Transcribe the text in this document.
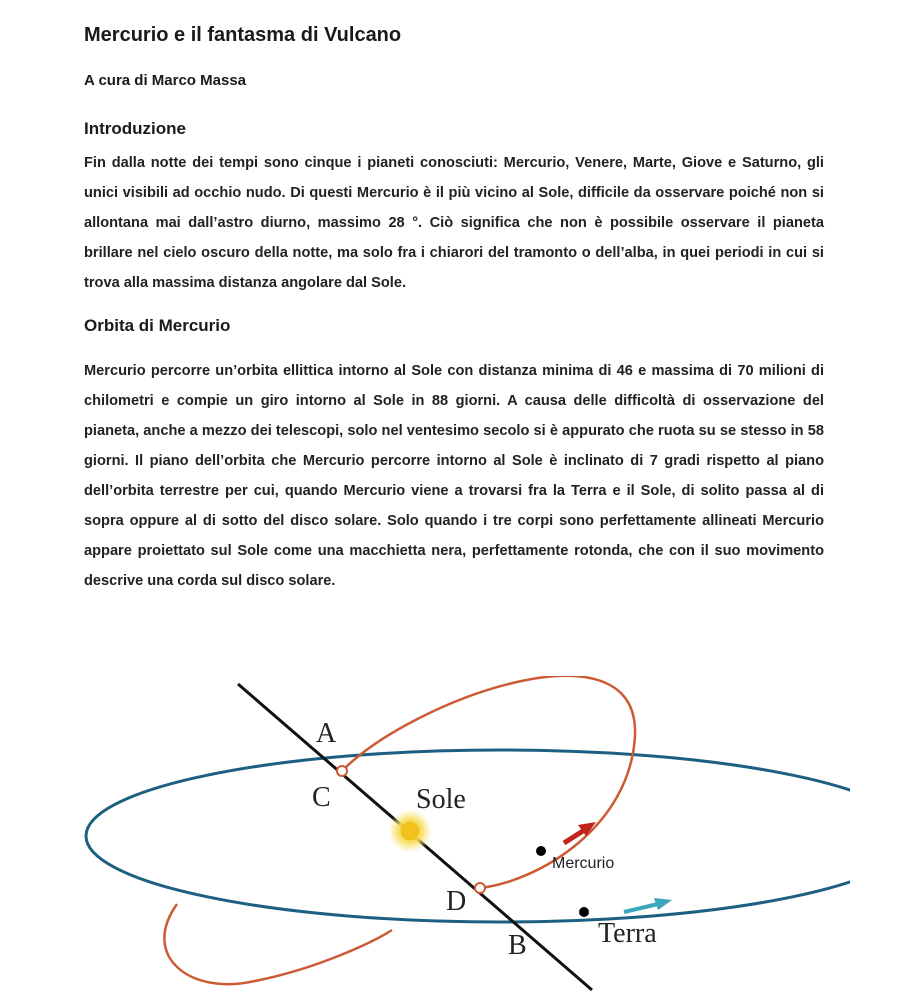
Mercurio e il fantasma di Vulcano

A cura di Marco Massa

Introduzione

Fin dalla notte dei tempi sono cinque i pianeti conosciuti: Mercurio, Venere, Marte, Giove e Saturno, gli unici visibili ad occhio nudo. Di questi Mercurio è il più vicino al Sole, difficile da osservare poiché non si allontana mai dall’astro diurno, massimo 28 °. Ciò significa che non è possibile osservare il pianeta brillare nel cielo oscuro della notte, ma solo fra i chiarori del tramonto o dell’alba, in quei periodi in cui si trova alla massima distanza angolare dal Sole.

Orbita di Mercurio

Mercurio percorre un’orbita ellittica intorno al Sole con distanza minima di 46 e massima di 70 milioni di chilometri e compie un giro intorno al Sole in 88 giorni. A causa delle difficoltà di osservazione del pianeta, anche a mezzo dei telescopi, solo nel ventesimo secolo si è appurato che ruota su se stesso in 58 giorni. Il piano dell’orbita che Mercurio percorre intorno al Sole è inclinato di 7 gradi rispetto al piano dell’orbita terrestre per cui, quando Mercurio viene a trovarsi fra la Terra e il Sole, di solito passa al di sopra oppure al di sotto del disco solare. Solo quando i tre corpi sono perfettamente allineati Mercurio appare proiettato sul Sole come una macchietta nera, perfettamente rotonda, che con il suo movimento descrive una corda sul disco solare.

A
C	Sole
Mercurio
D
Terra
B
